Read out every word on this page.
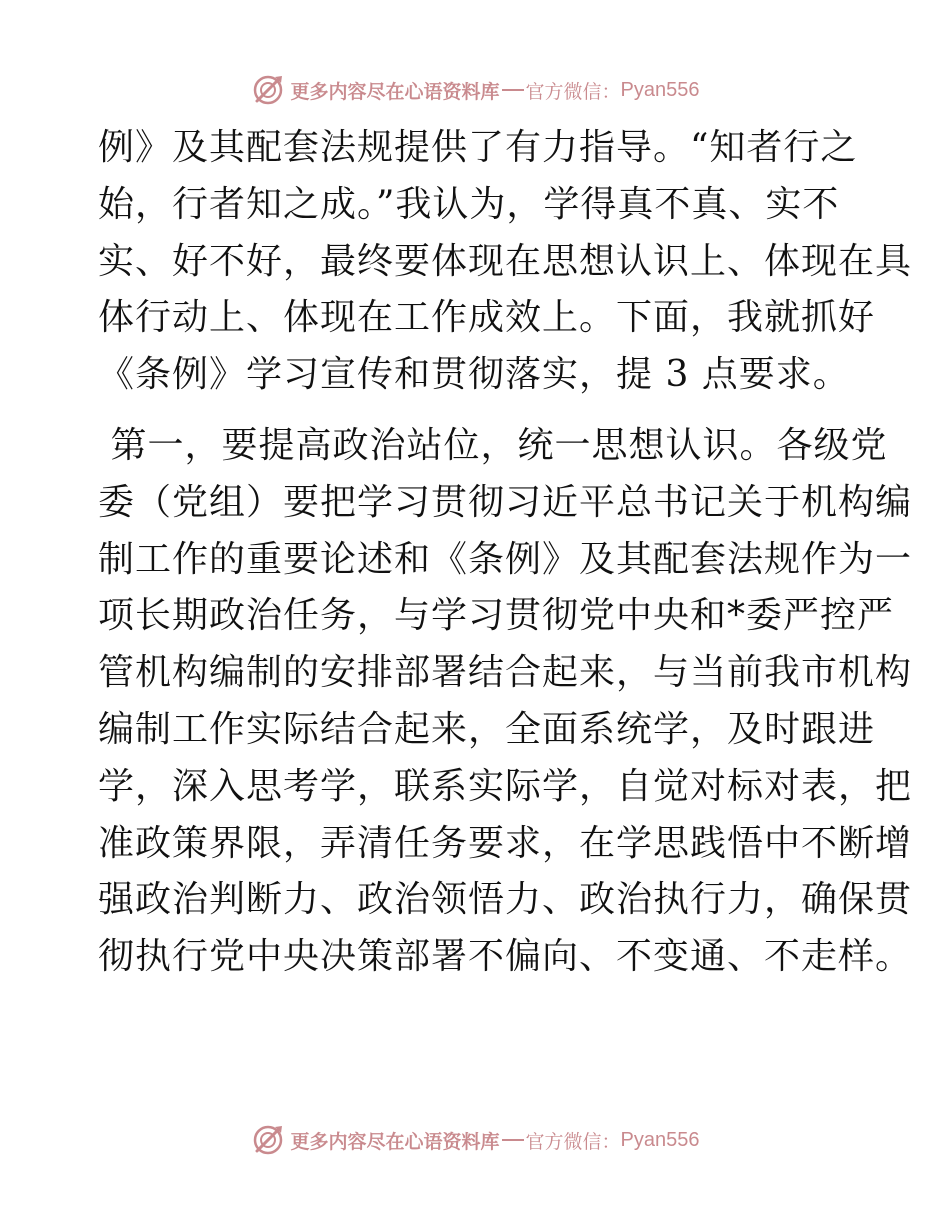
更多内容尽在心语资料库 官方微信： Pyan556
例》及其配套法规提供了有力指导。“知者行之
始，行者知之成。”我认为，学得真不真、实不
实、好不好，最终要体现在思想认识上、体现在具
体行动上、体现在工作成效上。下面，我就抓好
《条例》学习宣传和贯彻落实，提 3 点要求。
第一，要提高政治站位，统一思想认识。各级党
委（党组）要把学习贯彻习近平总书记关于机构编
制工作的重要论述和《条例》及其配套法规作为一
项长期政治任务，与学习贯彻党中央和*委严控严
管机构编制的安排部署结合起来，与当前我市机构
编制工作实际结合起来，全面系统学，及时跟进
学，深入思考学，联系实际学，自觉对标对表，把
准政策界限，弄清任务要求，在学思践悟中不断增
强政治判断力、政治领悟力、政治执行力，确保贯
彻执行党中央决策部署不偏向、不变通、不走样。
更多内容尽在心语资料库 官方微信： Pyan556
